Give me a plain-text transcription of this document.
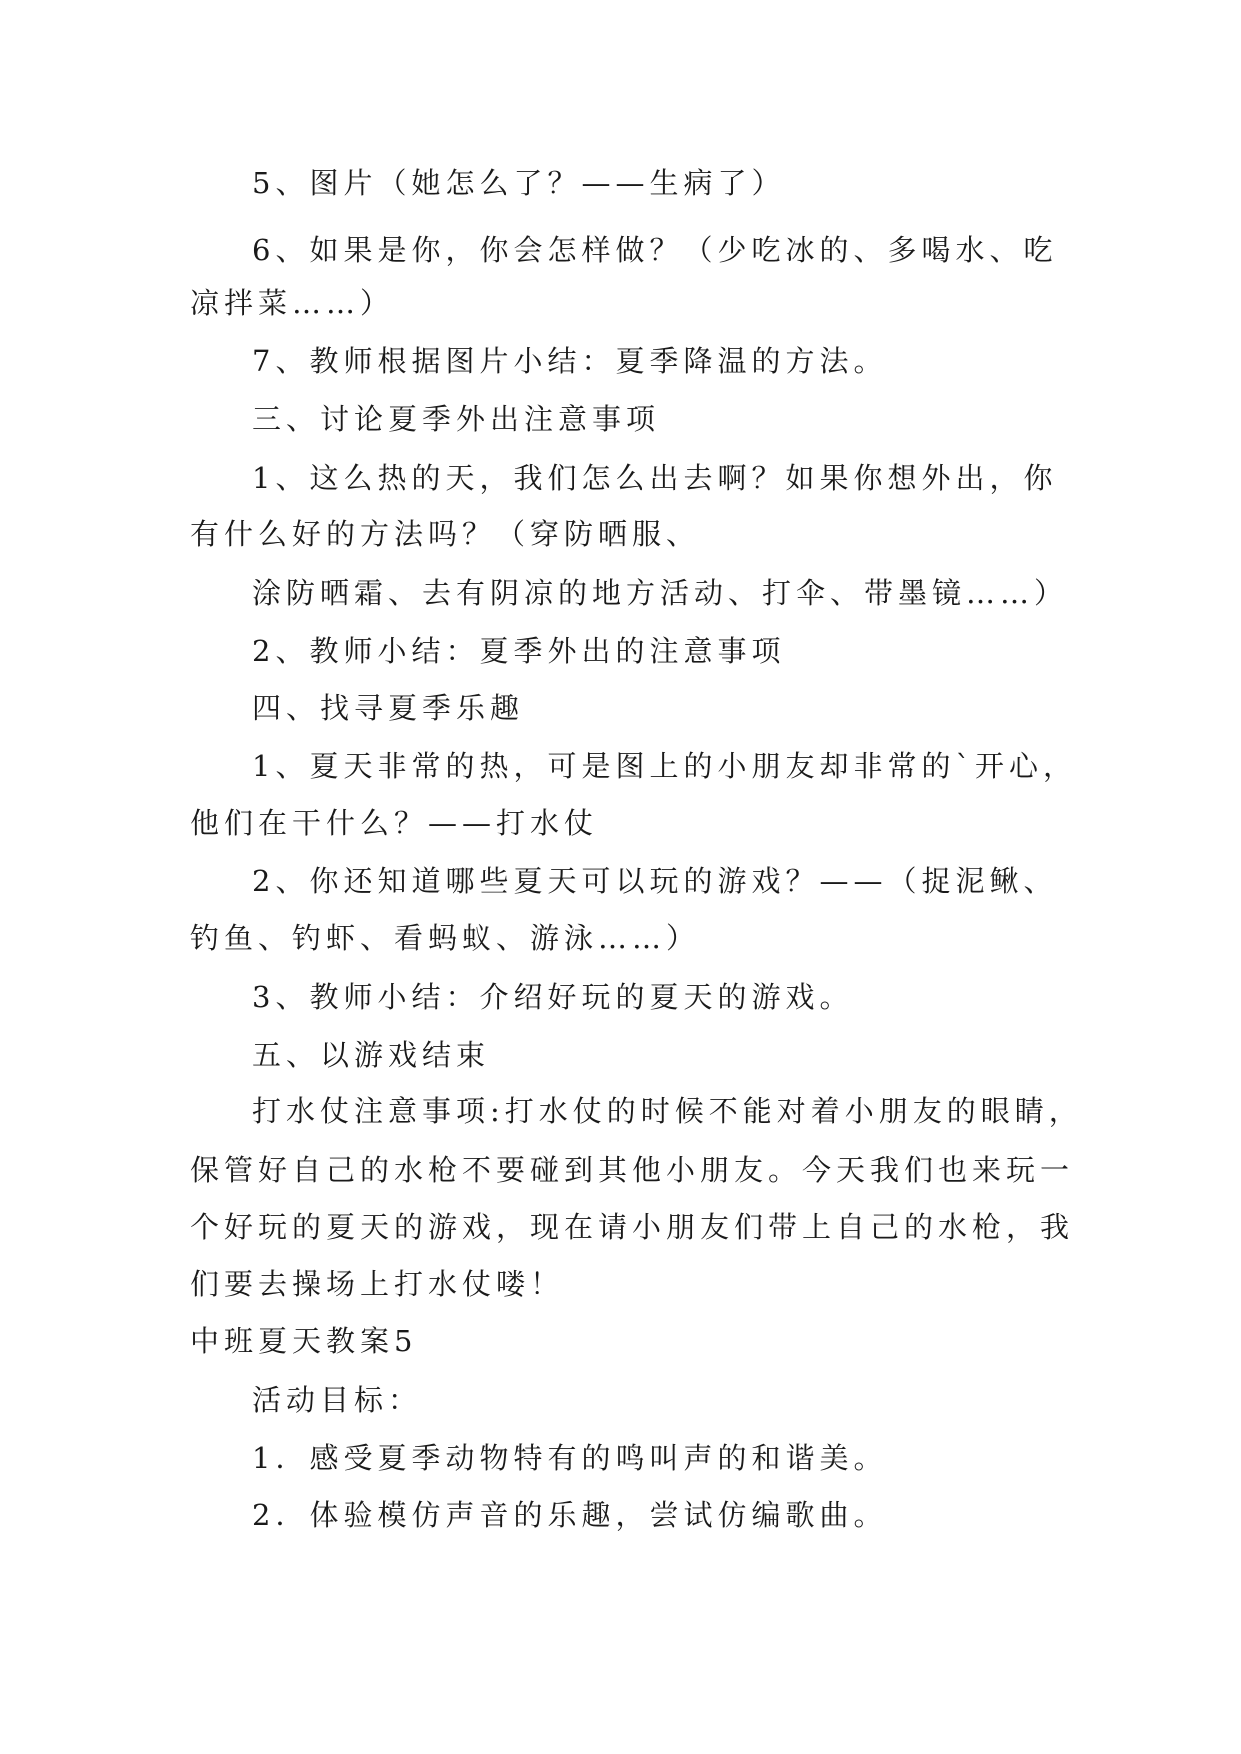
5、图片（她怎么了？——生病了）
6、如果是你，你会怎样做？（少吃冰的、多喝水、吃
凉拌菜……）
7、教师根据图片小结：夏季降温的方法。
三、讨论夏季外出注意事项
1、这么热的天，我们怎么出去啊？如果你想外出，你
有什么好的方法吗？（穿防晒服、
涂防晒霜、去有阴凉的地方活动、打伞、带墨镜……）
2、教师小结：夏季外出的注意事项
四、找寻夏季乐趣
1、夏天非常的热，可是图上的小朋友却非常的`开心，
他们在干什么？——打水仗
2、你还知道哪些夏天可以玩的游戏？——（捉泥鳅、
钓鱼、钓虾、看蚂蚁、游泳……）
3、教师小结：介绍好玩的夏天的游戏。
五、以游戏结束
打水仗注意事项:打水仗的时候不能对着小朋友的眼睛，
保管好自己的水枪不要碰到其他小朋友。今天我们也来玩一
个好玩的夏天的游戏，现在请小朋友们带上自己的水枪，我
们要去操场上打水仗喽！
中班夏天教案5
活动目标：
1．感受夏季动物特有的鸣叫声的和谐美。
2．体验模仿声音的乐趣，尝试仿编歌曲。
